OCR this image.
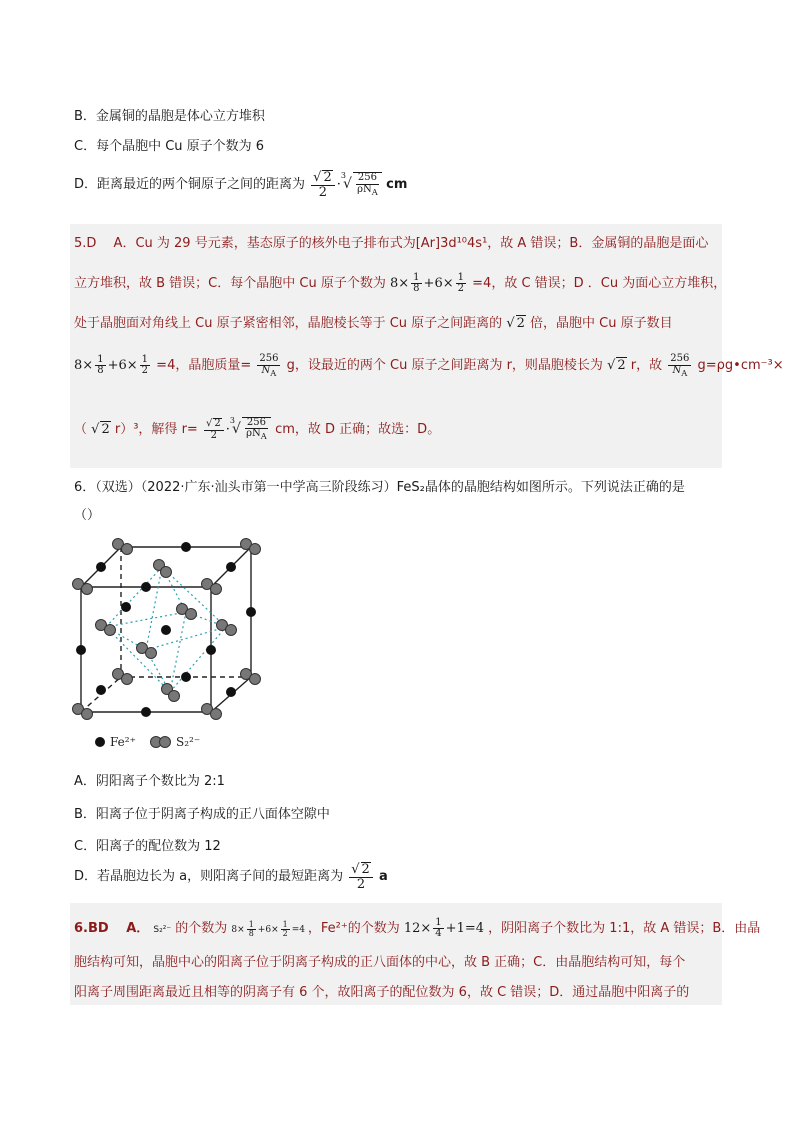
B．金属铜的晶胞是体心立方堆积
C．每个晶胞中 Cu 原子个数为 6
D．距离最近的两个铜原子之间的距离为 $\frac{√ 2}{2} \cdot^3√ \frac{256}{\rho N_A}$ cm
5.D　 A．Cu 为 29 号元素，基态原子的核外电子排布式为[Ar]3d¹⁰4s¹，故 A 错误；B．金属铜的晶胞是面心
立方堆积，故 B 错误；C．每个晶胞中 Cu 原子个数为 $8\times \frac{1}{8} +6\times \frac{1}{2} =4$，故 C 错误；D ．Cu 为面心立方堆积，
处于晶胞面对角线上 Cu 原子紧密相邻，晶胞棱长等于 Cu 原子之间距离的 √ 2 倍，晶胞中 Cu 原子数目
$8\times \frac{1}{8} +6\times \frac{1}{2} =4$，晶胞质量= $\frac{256}{N_A}$ g，设最近的两个 Cu 原子之间距离为 r，则晶胞棱长为 √ 2 r，故 $\frac{256}{N_A}$ g=ρg•cm⁻³×
（ √ 2 r）³，解得 $r= \frac{√ 2}{2} \cdot^3√ \frac{256}{\rho N_A}$ cm，故 D 正确；故选：D。
6．（双选）（2022·广东·汕头市第一中学高三阶段练习）FeS₂晶体的晶胞结构如图所示。下列说法正确的是
（）
Fe²⁺	S₂²⁻
A．阴阳离子个数比为 2:1
B．阳离子位于阴离子构成的正八面体空隙中
C．阳离子的配位数为 12
D．若晶胞边长为 a，则阳离子间的最短距离为 $\frac{√ 2}{2}$ a
6.BD　 A． S₂²⁻ 的个数为 $8\times \frac{1}{8} +6\times \frac{1}{2} =4$ ，Fe²⁺的个数为 $12\times \frac{1}{4} +1=4$ ，阴阳离子个数比为 1:1，故 A 错误；B．由晶
胞结构可知，晶胞中心的阳离子位于阴离子构成的正八面体的中心，故 B 正确；C．由晶胞结构可知，每个
阳离子周围距离最近且相等的阴离子有 6 个，故阳离子的配位数为 6，故 C 错误；D．通过晶胞中阳离子的
